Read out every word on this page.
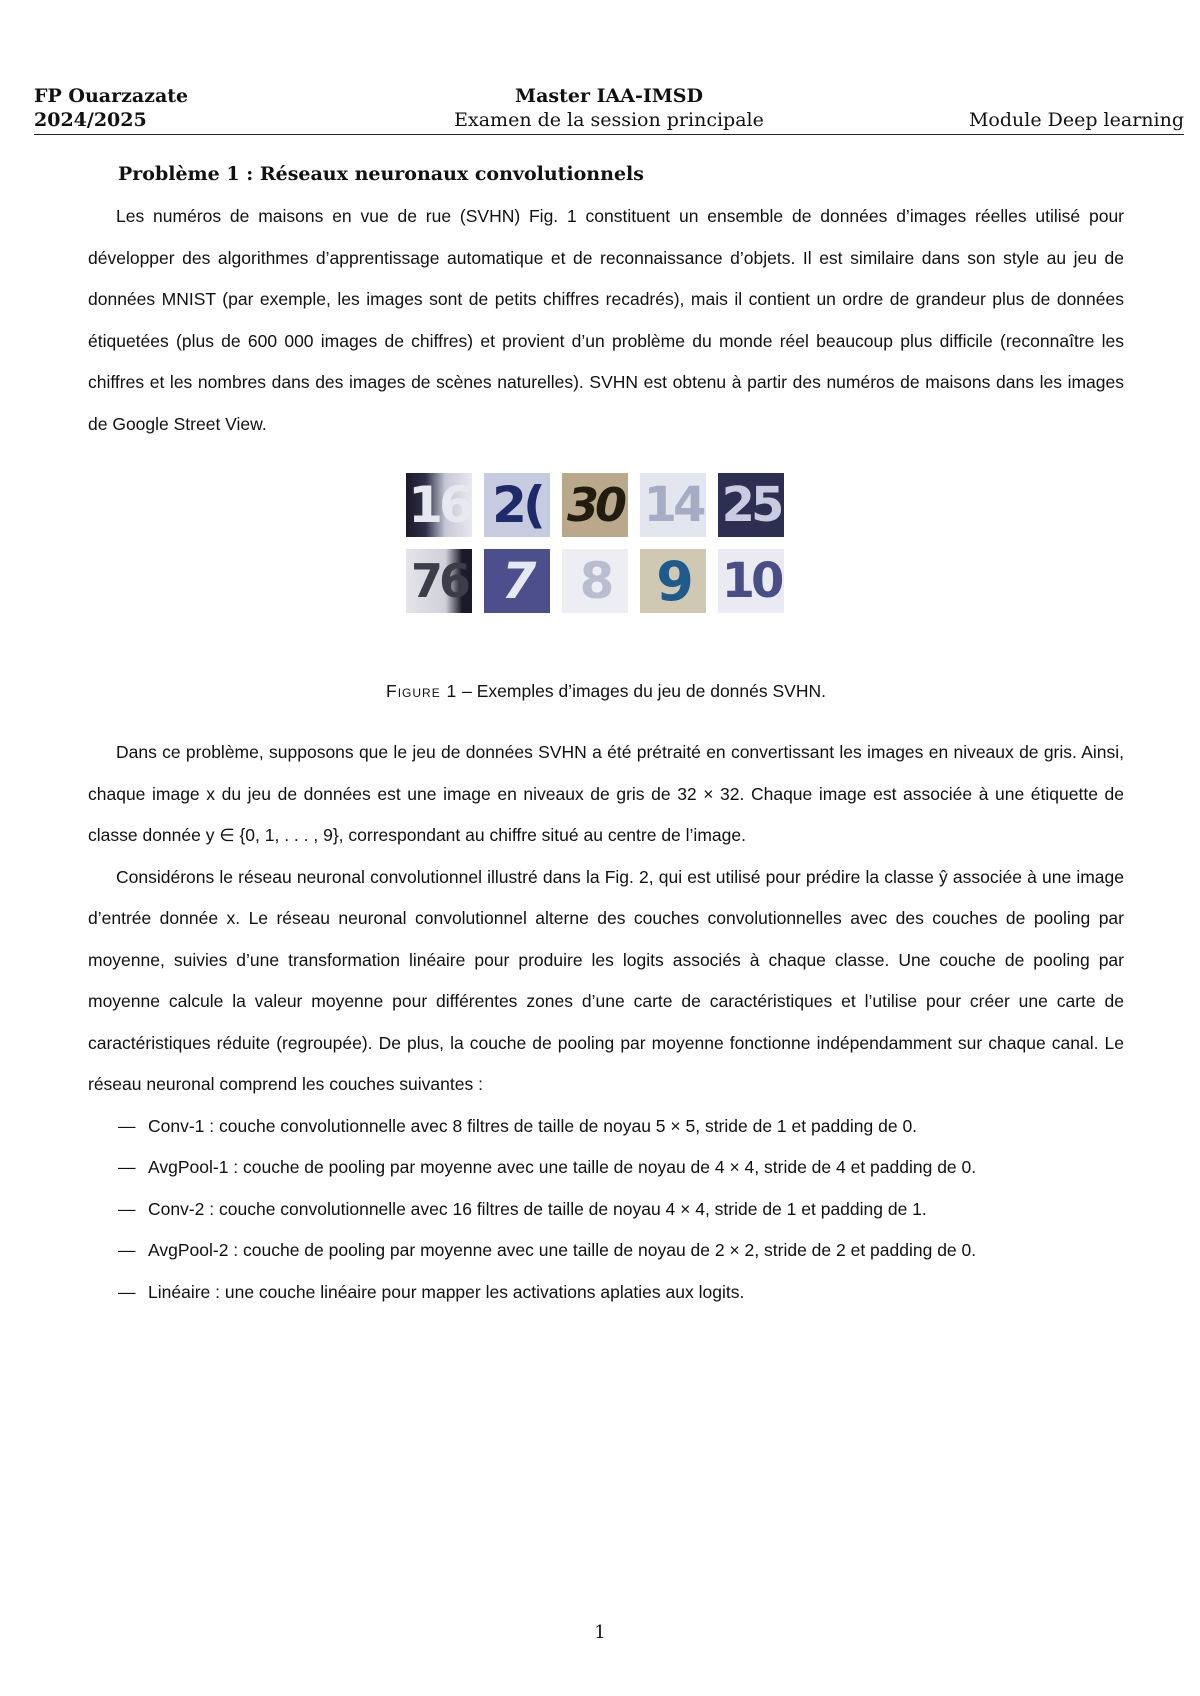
FP Ouarzazate
2024/2025
Master IAA-IMSD
Examen de la session principale	Module Deep learning
Problème 1 : Réseaux neuronaux convolutionnels

Les numéros de maisons en vue de rue (SVHN) Fig. 1 constituent un ensemble de données d’images réelles utilisé pour développer des algorithmes d’apprentissage automatique et de reconnaissance d’objets. Il est similaire dans son style au jeu de données MNIST (par exemple, les images sont de petits chiffres recadrés), mais il contient un ordre de grandeur plus de données étiquetées (plus de 600 000 images de chiffres) et provient d’un problème du monde réel beaucoup plus difficile (reconnaître les chiffres et les nombres dans des images de scènes naturelles). SVHN est obtenu à partir des numéros de maisons dans les images de Google Street View.

16 2( 30 14 25
76 7 8 9 10
Figure 1 – Exemples d’images du jeu de donnés SVHN.

Dans ce problème, supposons que le jeu de données SVHN a été prétraité en convertissant les images en niveaux de gris. Ainsi, chaque image x du jeu de données est une image en niveaux de gris de 32 × 32. Chaque image est associée à une étiquette de classe donnée y ∈ {0, 1, . . . , 9}, correspondant au chiffre situé au centre de l’image.

Considérons le réseau neuronal convolutionnel illustré dans la Fig. 2, qui est utilisé pour prédire la classe ŷ associée à une image d’entrée donnée x. Le réseau neuronal convolutionnel alterne des couches convolutionnelles avec des couches de pooling par moyenne, suivies d’une transformation linéaire pour produire les logits associés à chaque classe. Une couche de pooling par moyenne calcule la valeur moyenne pour différentes zones d’une carte de caractéristiques et l’utilise pour créer une carte de caractéristiques réduite (regroupée). De plus, la couche de pooling par moyenne fonctionne indépendamment sur chaque canal. Le réseau neuronal comprend les couches suivantes :

— Conv-1 : couche convolutionnelle avec 8 filtres de taille de noyau 5 × 5, stride de 1 et padding de 0.
— AvgPool-1 : couche de pooling par moyenne avec une taille de noyau de 4 × 4, stride de 4 et padding de 0.
— Conv-2 : couche convolutionnelle avec 16 filtres de taille de noyau 4 × 4, stride de 1 et padding de 1.
— AvgPool-2 : couche de pooling par moyenne avec une taille de noyau de 2 × 2, stride de 2 et padding de 0.
— Linéaire : une couche linéaire pour mapper les activations aplaties aux logits.
1
